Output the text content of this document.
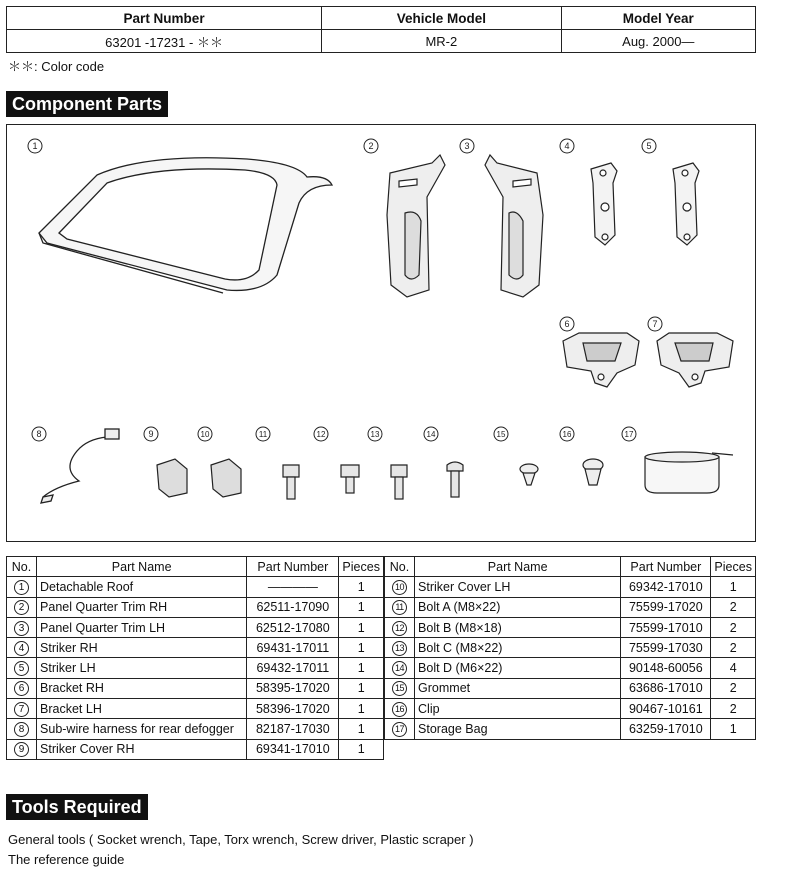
Part Number	Vehicle Model	Model Year
63201 -17231 - ＊＊	MR-2	Aug. 2000—
＊＊: Color code
Component Parts
1	2	3	4	5
6	7
8	9	10	11	12	13	14	15	16	17
No.	Part Name	Part Number	Pieces
1	Detachable Roof	————	1
2	Panel Quarter Trim RH	62511-17090	1
3	Panel Quarter Trim LH	62512-17080	1
4	Striker RH	69431-17011	1
5	Striker LH	69432-17011	1
6	Bracket RH	58395-17020	1
7	Bracket LH	58396-17020	1
8	Sub-wire harness for rear defogger	82187-17030	1
9	Striker Cover RH	69341-17010	1
No.	Part Name	Part Number	Pieces
10	Striker Cover LH	69342-17010	1
11	Bolt A (M8×22)	75599-17020	2
12	Bolt B (M8×18)	75599-17010	2
13	Bolt C (M8×22)	75599-17030	2
14	Bolt D (M6×22)	90148-60056	4
15	Grommet	63686-17010	2
16	Clip	90467-10161	2
17	Storage Bag	63259-17010	1
Tools Required
General tools ( Socket wrench, Tape, Torx wrench, Screw driver, Plastic scraper )
The reference guide
